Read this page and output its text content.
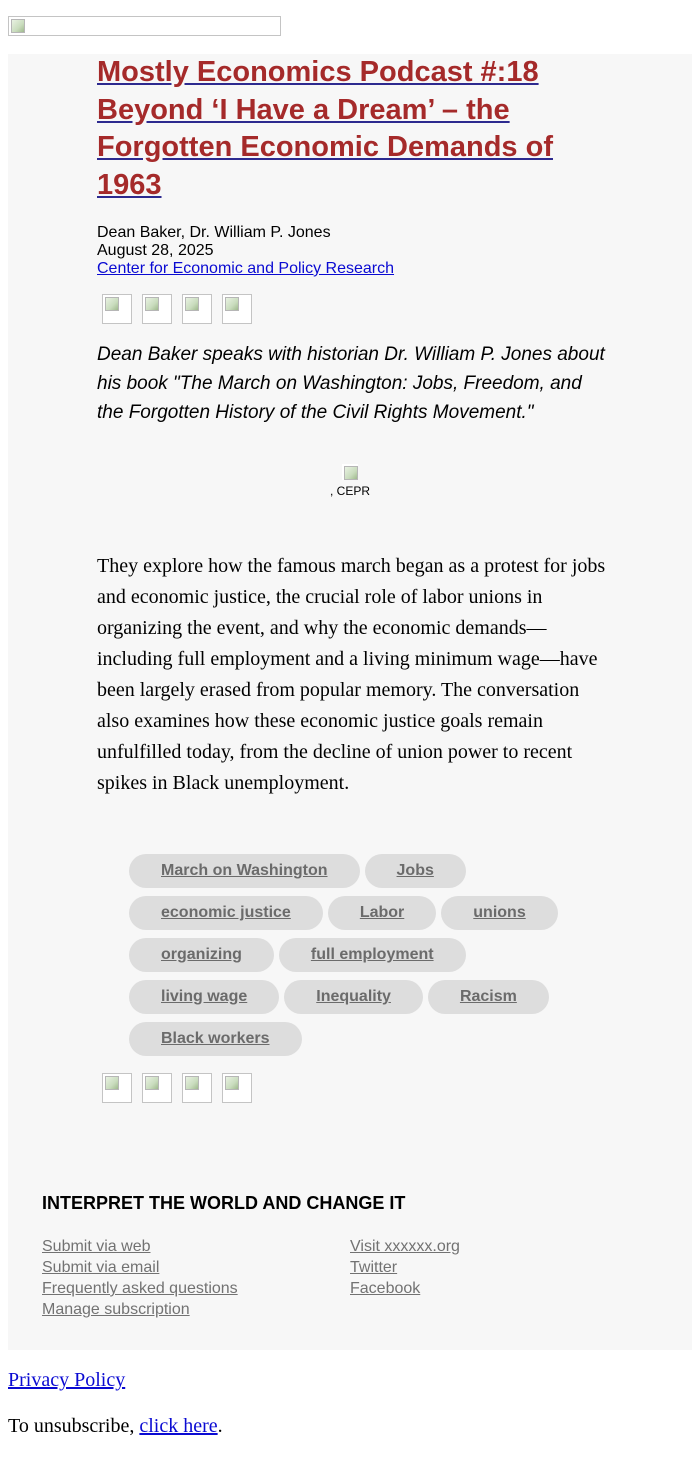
Mostly Economics Podcast #:18 Beyond ‘I Have a Dream’ – the Forgotten Economic Demands of 1963
Dean Baker, Dr. William P. Jones
August 28, 2025
Center for Economic and Policy Research

Dean Baker speaks with historian Dr. William P. Jones about his book "The March on Washington: Jobs, Freedom, and the Forgotten History of the Civil Rights Movement."

, CEPR

They explore how the famous march began as a protest for jobs and economic justice, the crucial role of labor unions in organizing the event, and why the economic demands—including full employment and a living minimum wage—have been largely erased from popular memory. The conversation also examines how these economic justice goals remain unfulfilled today, from the decline of union power to recent spikes in Black unemployment.

March on Washington	Jobs
economic justice	Labor	unions
organizing	full employment
living wage	Inequality	Racism
Black workers
INTERPRET THE WORLD AND CHANGE IT
Submit via web
Submit via email
Frequently asked questions
Manage subscription
Visit xxxxxx.org
Twitter
Facebook
Privacy Policy
To unsubscribe, click here.
